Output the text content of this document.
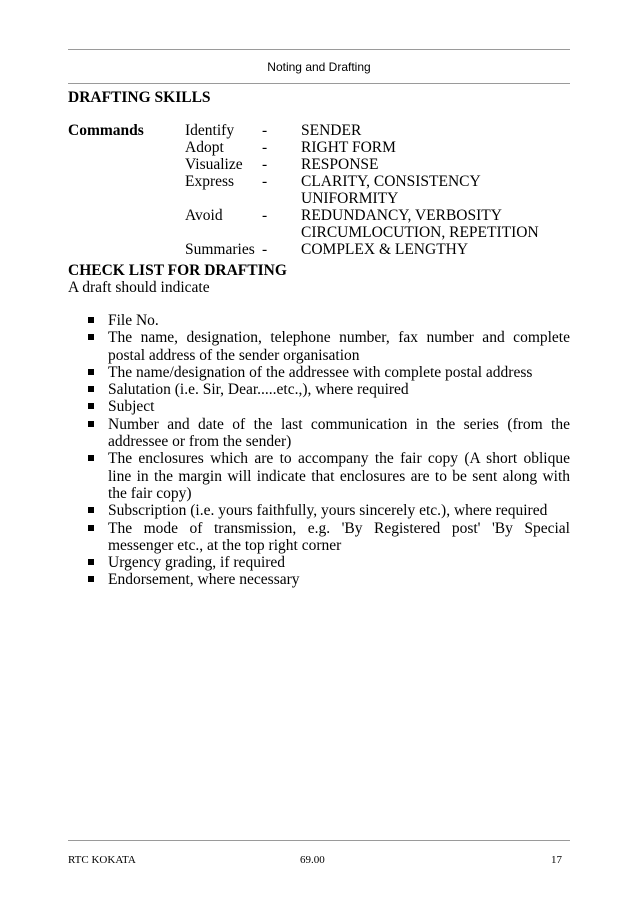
Noting and Drafting
DRAFTING SKILLS
Commands	Identify - SENDER
Adopt - RIGHT FORM
Visualize - RESPONSE
Express - CLARITY, CONSISTENCY
UNIFORMITY
Avoid	- REDUNDANCY, VERBOSITY
CIRCUMLOCUTION, REPETITION
Summaries - COMPLEX & LENGTHY
CHECK LIST FOR DRAFTING
A draft should indicate
File No.
The name, designation, telephone number, fax number and complete postal address of the sender organisation
The name/designation of the addressee with complete postal address
Salutation (i.e. Sir, Dear.....etc.,), where required
Subject
Number and date of the last communication in the series (from the addressee or from the sender)
The enclosures which are to accompany the fair copy (A short oblique line in the margin will indicate that enclosures are to be sent along with the fair copy)
Subscription (i.e. yours faithfully, yours sincerely etc.), where required
The mode of transmission, e.g. 'By Registered post' 'By Special messenger etc., at the top right corner
Urgency grading, if required
Endorsement, where necessary
RTC KOKATA	69.00	17
